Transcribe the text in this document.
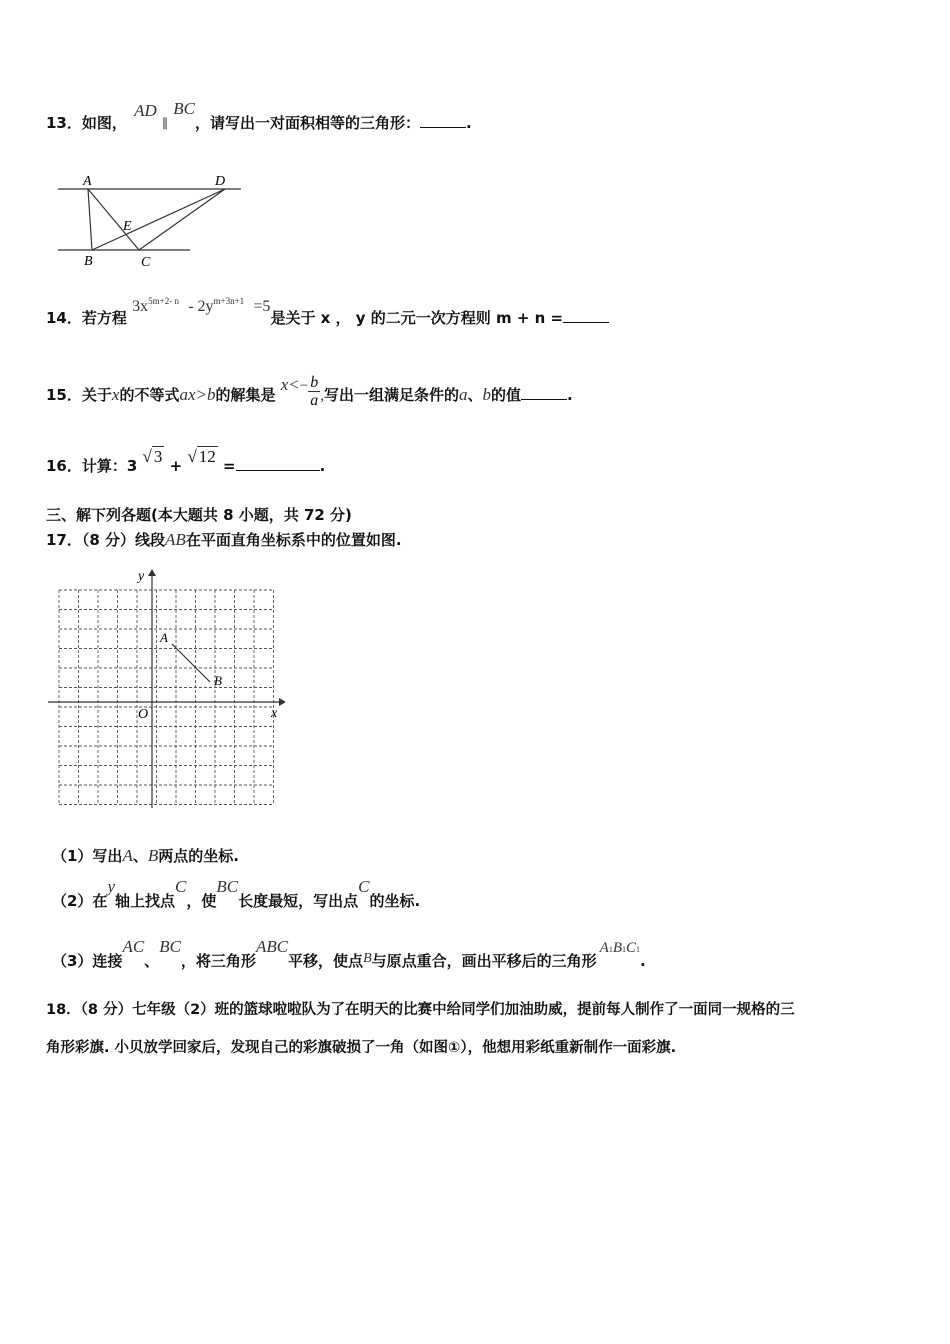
13．如图， AD ∥ BC，请写出一对面积相等的三角形：	.
A	D
E
B	C
14．若方程 $3x^{5m+2- n} - 2y^{m+3n+1} =5$是关于 x ， y 的二元一次方程则 m + n =
15．关于x的不等式ax>b的解集是 $x<- \frac{b}{a}$ ,写出一组满足条件的a、b的值	.
16．计算：3 √ 3 + √ 12 =	.
三、解下列各题(本大题共 8 小题，共 72 分)
17．（8 分）线段AB在平面直角坐标系中的位置如图.
x
y
O
A
B
（1）写出A、B两点的坐标.
（2）在y轴上找点C，使BC长度最短，写出点C的坐标.
（3）连接AC、BC，将三角形ABC平移，使点B与原点重合，画出平移后的三角形A1B1C1.
18．（8 分）七年级（2）班的篮球啦啦队为了在明天的比赛中给同学们加油助威，提前每人制作了一面同一规格的三
角形彩旗. 小贝放学回家后，发现自己的彩旗破损了一角（如图①），他想用彩纸重新制作一面彩旗.
